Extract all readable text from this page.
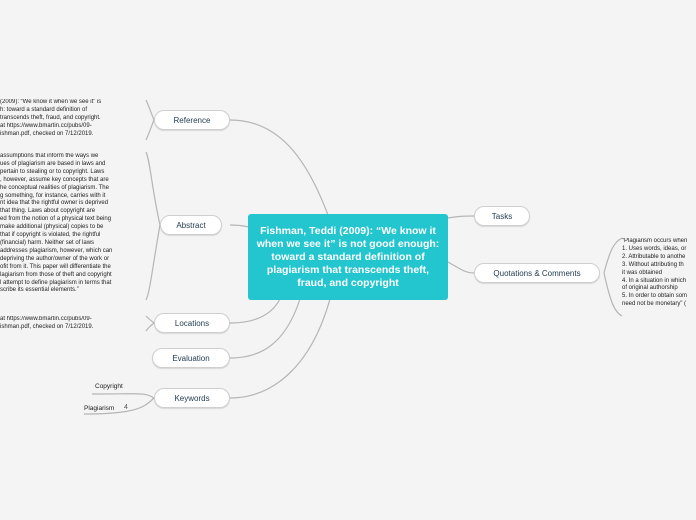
Fishman, Teddi (2009): “We know it when we see it” is not good enough: toward a standard definition of plagiarism that transcends theft, fraud, and copyright
Reference
Abstract
Locations
Evaluation
Keywords
Tasks
Quotations & Comments
(2009): “We know it when we see it” is
h: toward a standard definition of
transcends theft, fraud, and copyright.
at https://www.bmartin.cc/pubs/09-
ishman.pdf, checked on 7/12/2019.
assumptions that inform the ways we
ues of plagiarism are based in laws and
pertain to stealing or to copyright. Laws
, however, assume key concepts that are
he conceptual realities of plagiarism. The
g something, for instance, carries with it
nt idea that the rightful owner is deprived
that thing. Laws about copyright are
ed from the notion of a physical text being
make additional (physical) copies to be
that if copyright is violated, the rightful
(financial) harm. Neither set of laws
addresses plagiarism, however, which can
depriving the author/owner of the work or
ofit from it. This paper will differentiate the
lagiarism from those of theft and copyright
l attempt to define plagiarism in terms that
scribe its essential elements.”
at https://www.bmartin.cc/pubs/09-
ishman.pdf, checked on 7/12/2019.
Copyright
Plagiarism 4
“Plagiarism occurs when
1. Uses words, ideas, or
2. Attributable to anothe
3. Without attributing th
it was obtained
4. In a situation in which
of original authorship
5. In order to obtain som
need not be monetary” (
